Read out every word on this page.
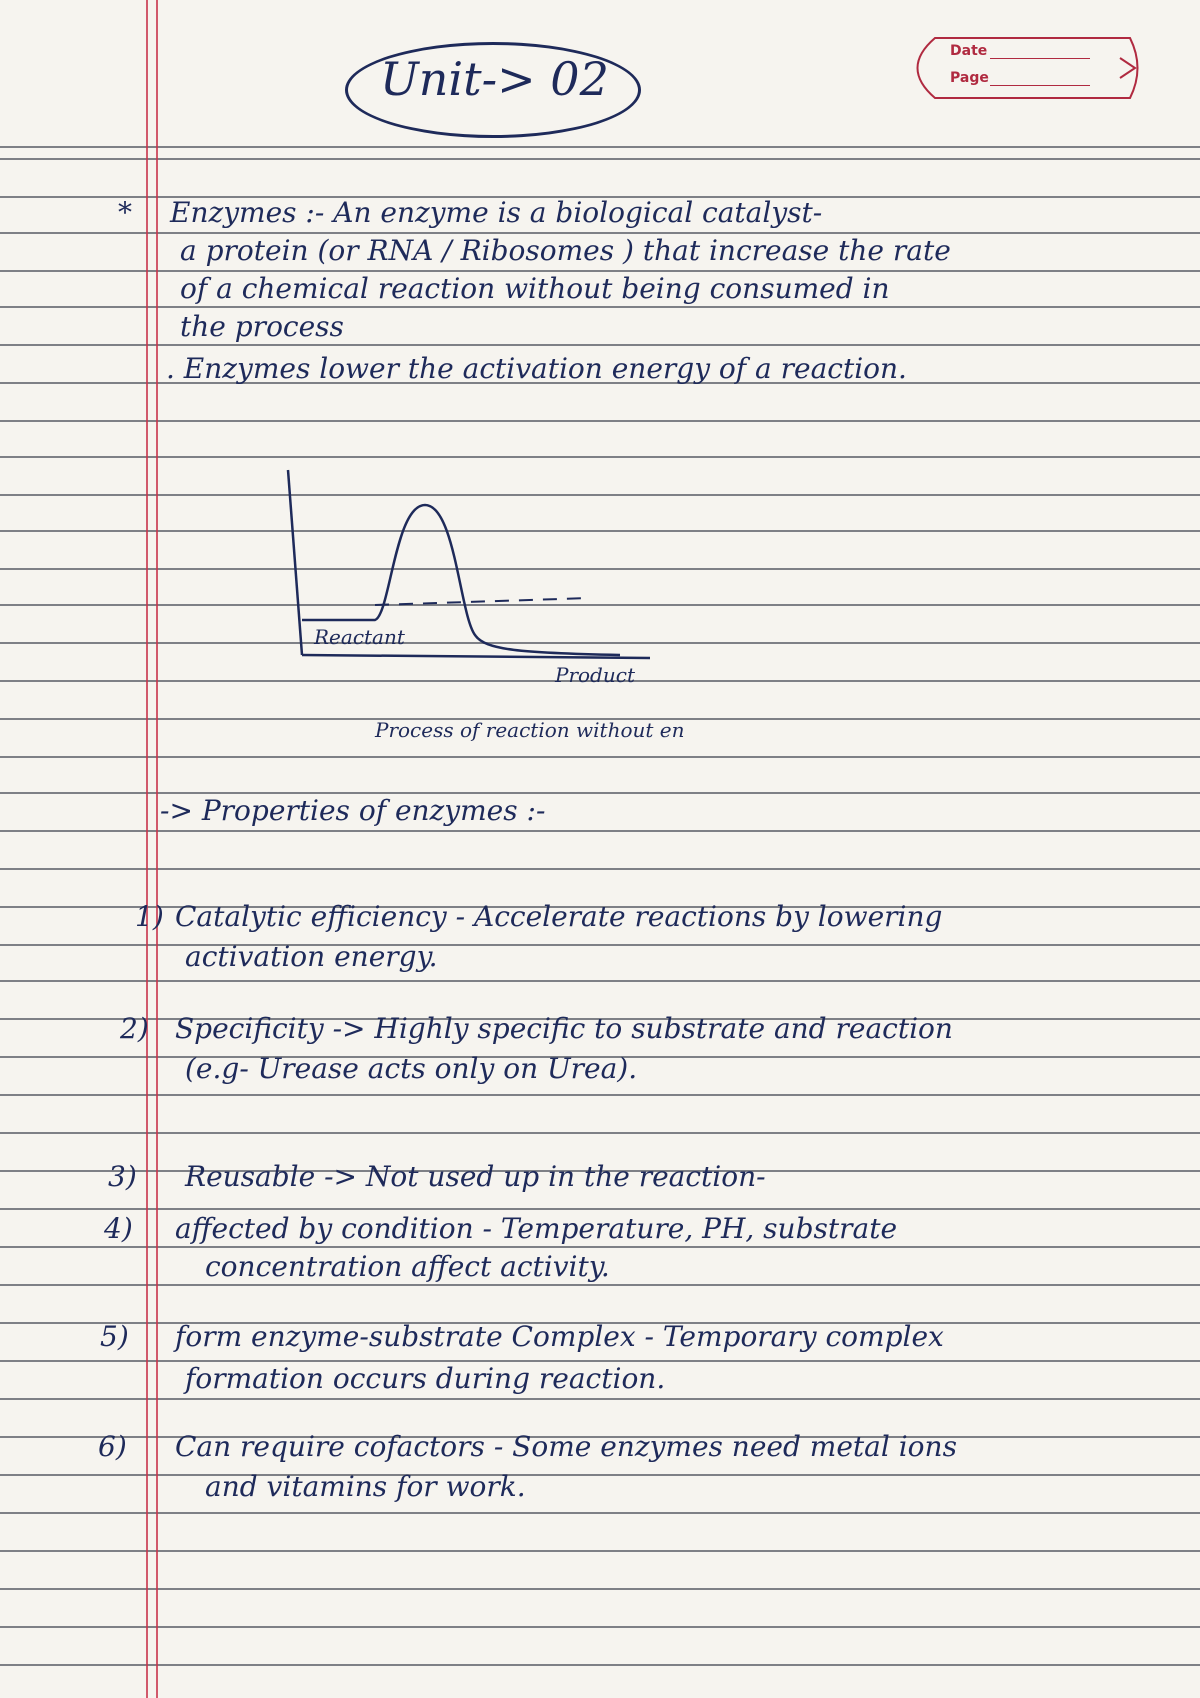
Unit-> 02
Date
Page
* Enzymes :- An enzyme is a biological catalyst-
a protein (or RNA / Ribosomes ) that increase the rate
of a chemical reaction without being consumed in
the process
. Enzymes lower the activation energy of a reaction.
Reactant
Product
Process of reaction without en
-> Properties of enzymes :-
1) Catalytic efficiency - Accelerate reactions by lowering
activation energy.
2) Specificity -> Highly specific to substrate and reaction
(e.g- Urease acts only on Urea).
3) Reusable -> Not used up in the reaction-
4) affected by condition - Temperature, PH, substrate
concentration affect activity.
5) form enzyme-substrate Complex - Temporary complex
formation occurs during reaction.
6) Can require cofactors - Some enzymes need metal ions
and vitamins for work.
